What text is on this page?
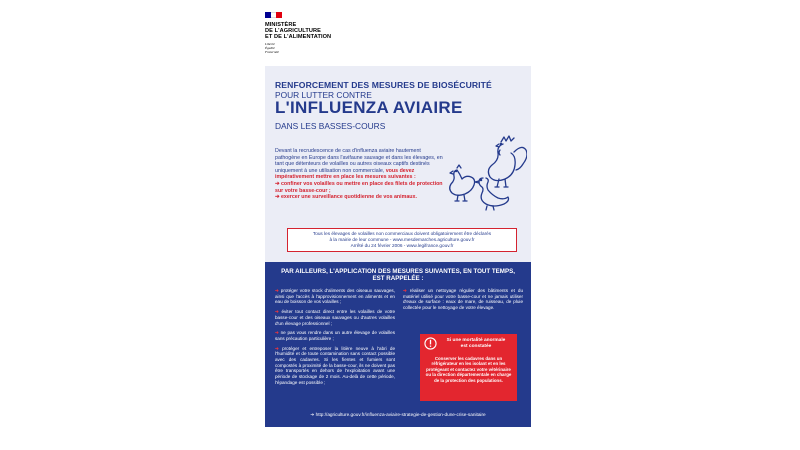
MINISTÈRE
DE L'AGRICULTURE
ET DE L'ALIMENTATION
Liberté
Égalité
Fraternité
RENFORCEMENT DES MESURES DE BIOSÉCURITÉ
POUR LUTTER CONTRE
L'INFLUENZA AVIAIRE
DANS LES BASSES-COURS
Devant la recrudescence de cas d'influenza aviaire hautement pathogène en Europe dans l'avifaune sauvage et dans les élevages, en tant que détenteurs de volailles ou autres oiseaux captifs destinés uniquement à une utilisation non commerciale, vous devez impérativement mettre en place les mesures suivantes :
➔ confiner vos volailles ou mettre en place des filets de protection sur votre basse-cour ;
➔ exercer une surveillance quotidienne de vos animaux.
Tous les élevages de volailles non commerciaux doivent obligatoirement être déclarés
à la mairie de leur commune - www.mesdemarches.agriculture.gouv.fr
Arrêté du 24 février 2006 - www.legifrance.gouv.fr
PAR AILLEURS, L'APPLICATION DES MESURES SUIVANTES, EN TOUT TEMPS,
EST RAPPELÉE :
➔ protéger votre stock d'aliments des oiseaux sauvages, ainsi que l'accès à l'approvisionnement en aliments et en eau de boisson de vos volailles ;
➔ éviter tout contact direct entre les volailles de votre basse-cour et des oiseaux sauvages ou d'autres volailles d'un élevage professionnel ;
➔ ne pas vous rendre dans un autre élevage de volailles sans précaution particulière ;
➔ protéger et entreposer la litière neuve à l'abri de l'humidité et de toute contamination sans contact possible avec des cadavres. Si les fientes et fumiers sont compostés à proximité de la basse-cour, ils ne doivent pas être transportés en dehors de l'exploitation avant une période de stockage de 2 mois. Au-delà de cette période, l'épandage est possible ;
➔ réaliser un nettoyage régulier des bâtiments et du matériel utilisé pour votre basse-cour et ne jamais utiliser d'eaux de surface : eaux de mare, de ruisseau, de pluie collectée pour le nettoyage de votre élevage.
Si une mortalité anormale
est constatée
Conserver les cadavres dans un réfrigérateur en les isolant et en les protégeant et contactez votre vétérinaire ou la direction départementale en charge de la protection des populations.
➔ http://agriculture.gouv.fr/influenza-aviaire-strategie-de-gestion-dune-crise-sanitaire
